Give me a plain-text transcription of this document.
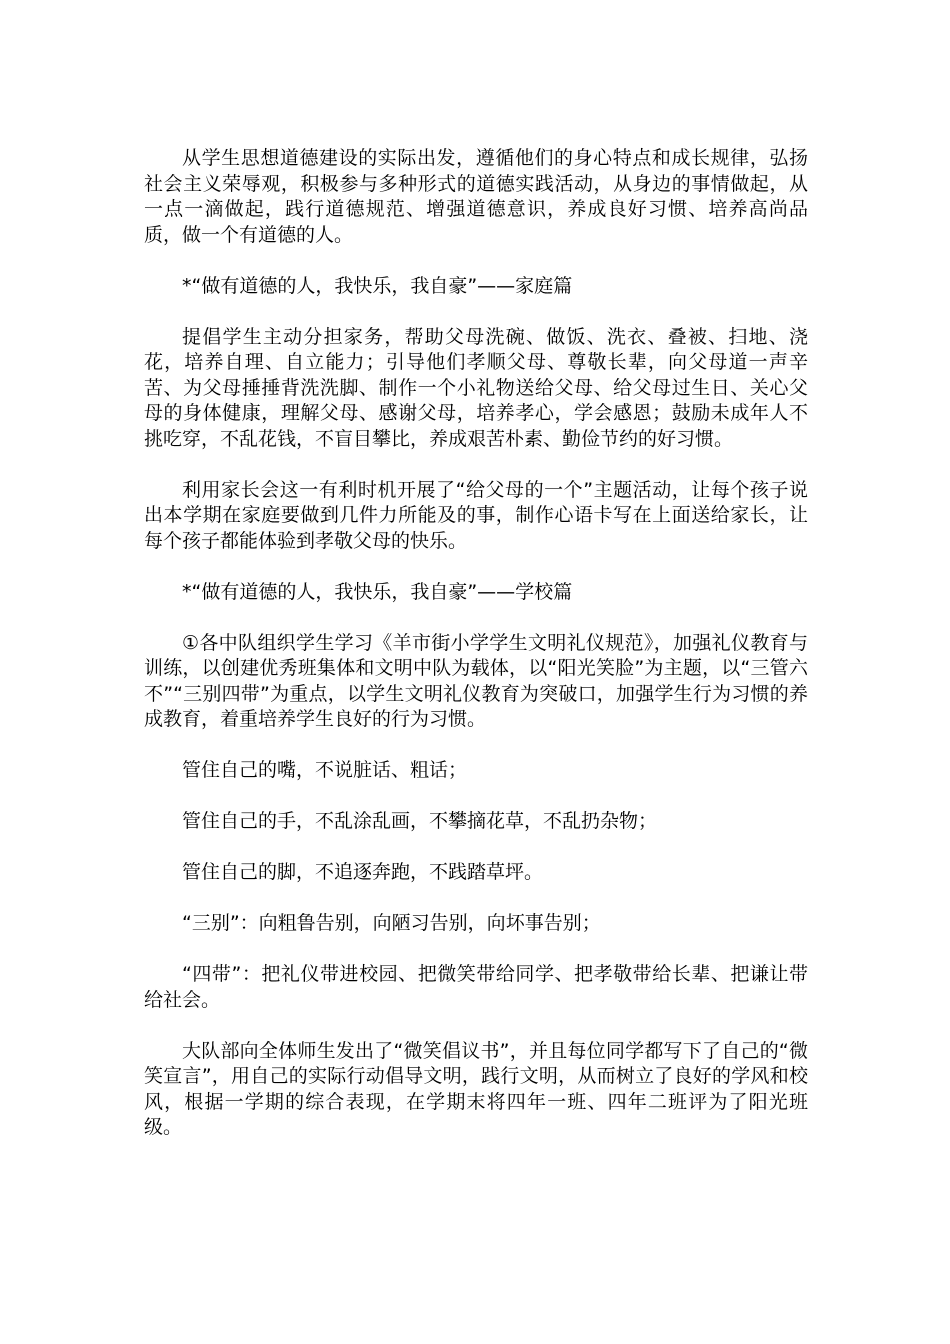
从学生思想道德建设的实际出发，遵循他们的身心特点和成长规律，弘扬社会主义荣辱观，积极参与多种形式的道德实践活动，从身边的事情做起，从一点一滴做起，践行道德规范、增强道德意识，养成良好习惯、培养高尚品质，做一个有道德的人。

*“做有道德的人，我快乐，我自豪”——家庭篇

提倡学生主动分担家务，帮助父母洗碗、做饭、洗衣、叠被、扫地、浇花，培养自理、自立能力；引导他们孝顺父母、尊敬长辈，向父母道一声辛苦、为父母捶捶背洗洗脚、制作一个小礼物送给父母、给父母过生日、关心父母的身体健康，理解父母、感谢父母，培养孝心，学会感恩；鼓励未成年人不挑吃穿，不乱花钱，不盲目攀比，养成艰苦朴素、勤俭节约的好习惯。

利用家长会这一有利时机开展了“给父母的一个”主题活动，让每个孩子说出本学期在家庭要做到几件力所能及的事，制作心语卡写在上面送给家长，让每个孩子都能体验到孝敬父母的快乐。

*“做有道德的人，我快乐，我自豪”——学校篇

①各中队组织学生学习《羊市街小学学生文明礼仪规范》，加强礼仪教育与训练，以创建优秀班集体和文明中队为载体，以“阳光笑脸”为主题，以“三管六不”“三别四带”为重点，以学生文明礼仪教育为突破口，加强学生行为习惯的养成教育，着重培养学生良好的行为习惯。

管住自己的嘴，不说脏话、粗话；

管住自己的手，不乱涂乱画，不攀摘花草，不乱扔杂物；

管住自己的脚，不追逐奔跑，不践踏草坪。

“三别”：向粗鲁告别，向陋习告别，向坏事告别；

“四带”：把礼仪带进校园、把微笑带给同学、把孝敬带给长辈、把谦让带给社会。

大队部向全体师生发出了“微笑倡议书”，并且每位同学都写下了自己的“微笑宣言”，用自己的实际行动倡导文明，践行文明，从而树立了良好的学风和校风，根据一学期的综合表现，在学期末将四年一班、四年二班评为了阳光班级。
